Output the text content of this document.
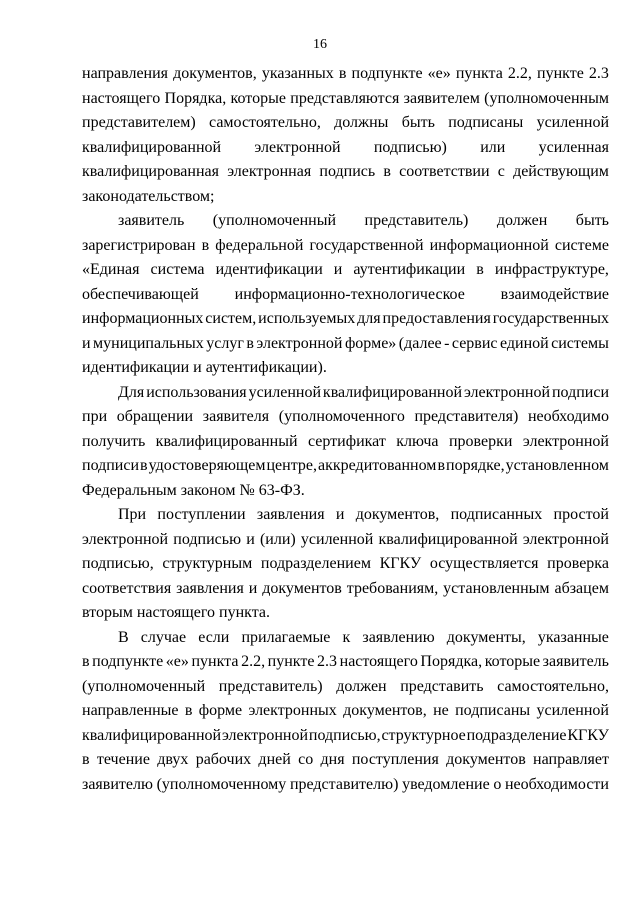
16

направления документов, указанных в подпункте «е» пункта 2.2, пункте 2.3
настоящего Порядка, которые представляются заявителем (уполномоченным
представителем) самостоятельно, должны быть подписаны усиленной
квалифицированной электронной подписью) или усиленная
квалифицированная электронная подпись в соответствии с действующим
законодательством;

заявитель (уполномоченный представитель) должен быть
зарегистрирован в федеральной государственной информационной системе
«Единая система идентификации и аутентификации в инфраструктуре,
обеспечивающей информационно-технологическое взаимодействие
информационных систем, используемых для предоставления государственных
и муниципальных услуг в электронной форме» (далее - сервис единой системы
идентификации и аутентификации).

Для использования усиленной квалифицированной электронной подписи
при обращении заявителя (уполномоченного представителя) необходимо
получить квалифицированный сертификат ключа проверки электронной
подписи в удостоверяющем центре, аккредитованном в порядке, установленном
Федеральным законом № 63-ФЗ.

При поступлении заявления и документов, подписанных простой
электронной подписью и (или) усиленной квалифицированной электронной
подписью, структурным подразделением КГКУ осуществляется проверка
соответствия заявления и документов требованиям, установленным абзацем
вторым настоящего пункта.

В случае если прилагаемые к заявлению документы, указанные
в подпункте «е» пункта 2.2, пункте 2.3 настоящего Порядка, которые заявитель
(уполномоченный представитель) должен представить самостоятельно,
направленные в форме электронных документов, не подписаны усиленной
квалифицированной электронной подписью, структурное подразделение КГКУ
в течение двух рабочих дней со дня поступления документов направляет
заявителю (уполномоченному представителю) уведомление о необходимости
